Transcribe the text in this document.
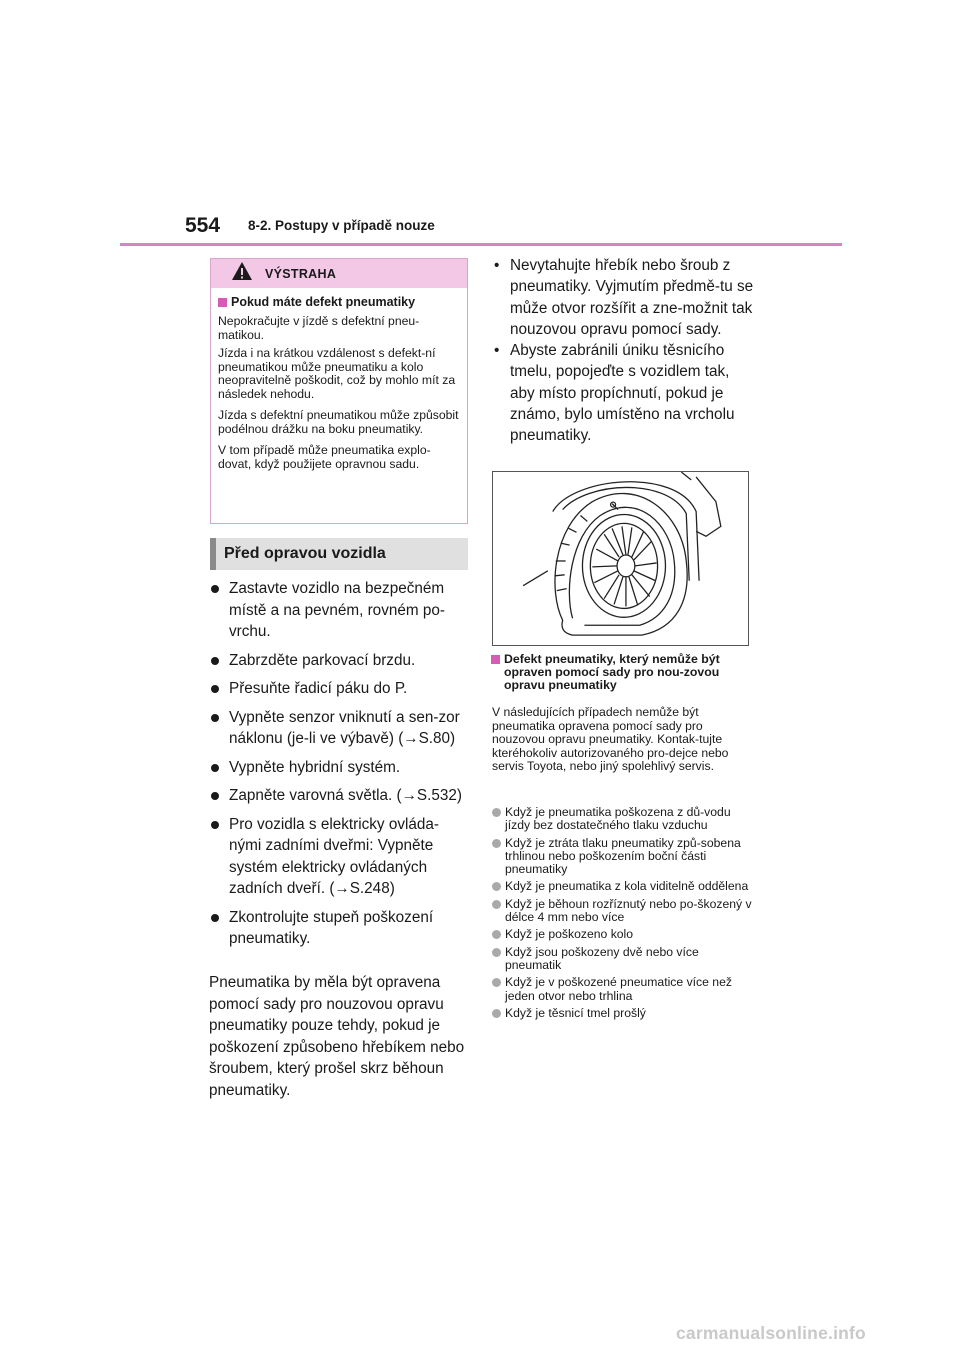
554 8-2. Postupy v případě nouze
VÝSTRAHA
Pokud máte defekt pneumatiky

Nepokračujte v jízdě s defektní pneu-matikou.

Jízda i na krátkou vzdálenost s defekt-ní pneumatikou může pneumatiku a kolo neopravitelně poškodit, což by mohlo mít za následek nehodu.

Jízda s defektní pneumatikou může způsobit podélnou drážku na boku pneumatiky.

V tom případě může pneumatika explo-dovat, když použijete opravnou sadu.

Před opravou vozidla
Zastavte vozidlo na bezpečném místě a na pevném, rovném po-vrchu.
Zabrzděte parkovací brzdu.
Přesuňte řadicí páku do P.
Vypněte senzor vniknutí a sen-zor náklonu (je-li ve výbavě) (→S.80)
Vypněte hybridní systém.
Zapněte varovná světla. (→S.532)
Pro vozidla s elektricky ovláda-nými zadními dveřmi: Vypněte systém elektricky ovládaných zadních dveří. (→S.248)
Zkontrolujte stupeň poškození pneumatiky.
Pneumatika by měla být opravena pomocí sady pro nouzovou opravu pneumatiky pouze tehdy, pokud je poškození způsobeno hřebíkem nebo šroubem, který prošel skrz běhoun pneumatiky.
• Nevytahujte hřebík nebo šroub z pneumatiky. Vyjmutím předmě-tu se může otvor rozšířit a zne-možnit tak nouzovou opravu pomocí sady.
• Abyste zabránili úniku těsnicího tmelu, popojeďte s vozidlem tak, aby místo propíchnutí, pokud je známo, bylo umístěno na vrcholu pneumatiky.
Defekt pneumatiky, který nemůže být opraven pomocí sady pro nou-zovou opravu pneumatiky
V následujících případech nemůže být pneumatika opravena pomocí sady pro nouzovou opravu pneumatiky. Kontak-tujte kteréhokoliv autorizovaného pro-dejce nebo servis Toyota, nebo jiný spolehlivý servis.
Když je pneumatika poškozena z dů-vodu jízdy bez dostatečného tlaku vzduchu
Když je ztráta tlaku pneumatiky způ-sobena trhlinou nebo poškozením boční části pneumatiky
Když je pneumatika z kola viditelně oddělena
Když je běhoun rozříznutý nebo po-škozený v délce 4 mm nebo více
Když je poškozeno kolo
Když jsou poškozeny dvě nebo více pneumatik
Když je v poškozené pneumatice více než jeden otvor nebo trhlina
Když je těsnicí tmel prošlý
carmanualsonline.info
